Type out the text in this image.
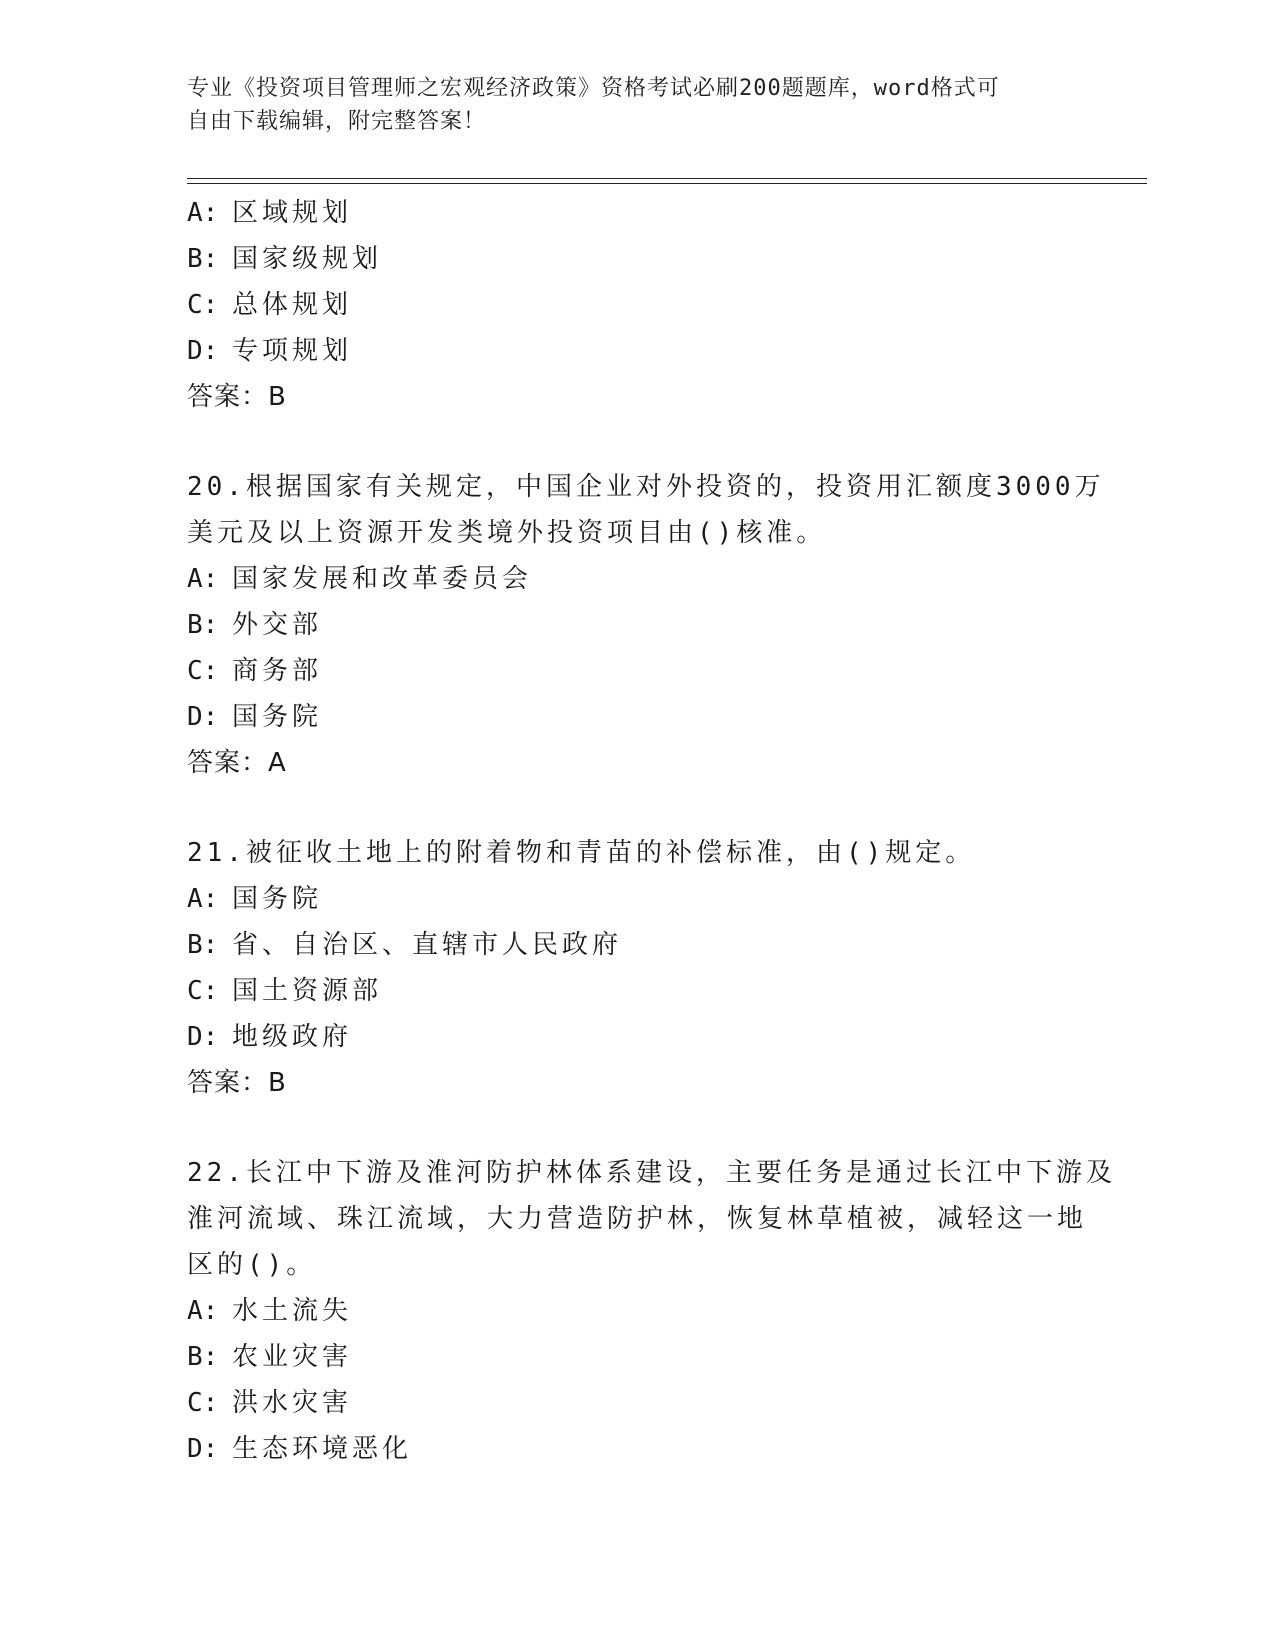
专业《投资项目管理师之宏观经济政策》资格考试必刷200题题库，word格式可
自由下载编辑，附完整答案！
A: 区域规划
B: 国家级规划
C: 总体规划
D: 专项规划
答案：B
20.根据国家有关规定，中国企业对外投资的，投资用汇额度3000万
美元及以上资源开发类境外投资项目由()核准。
A: 国家发展和改革委员会
B: 外交部
C: 商务部
D: 国务院
答案：A
21.被征收土地上的附着物和青苗的补偿标准，由()规定。
A: 国务院
B: 省、自治区、直辖市人民政府
C: 国土资源部
D: 地级政府
答案：B
22.长江中下游及淮河防护林体系建设，主要任务是通过长江中下游及
淮河流域、珠江流域，大力营造防护林，恢复林草植被，减轻这一地
区的()。
A: 水土流失
B: 农业灾害
C: 洪水灾害
D: 生态环境恶化
